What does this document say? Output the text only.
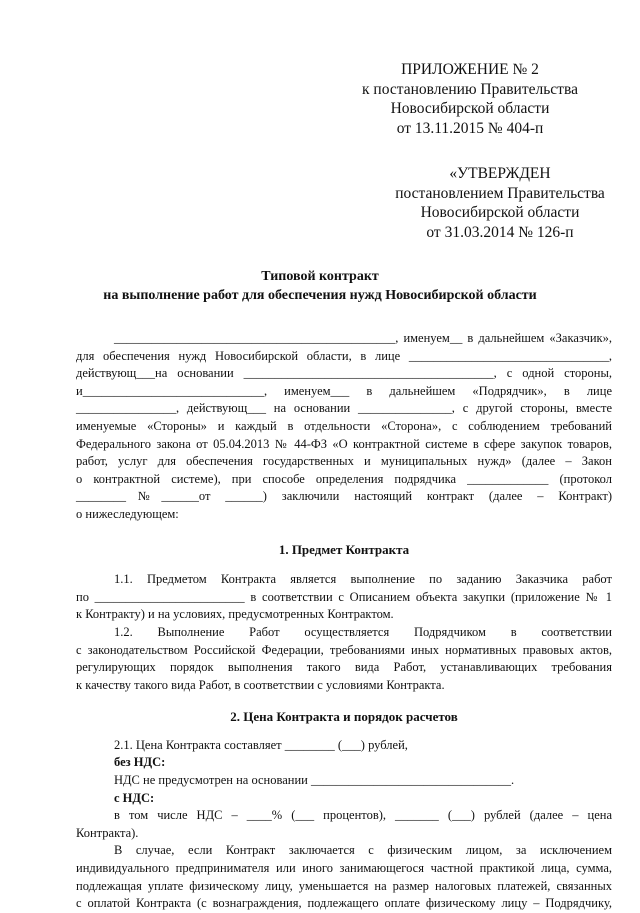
ПРИЛОЖЕНИЕ № 2
к постановлению Правительства
Новосибирской области
от 13.11.2015 № 404-п
«УТВЕРЖДЕН
постановлением Правительства
Новосибирской области
от 31.03.2014 № 126-п
Типовой контракт
на выполнение работ для обеспечения нужд Новосибирской области

_____________________________________________, именуем__ в дальнейшем «Заказчик»,

для обеспечения нужд Новосибирской области, в лице ________________________________,

действующ___на основании ________________________________________, с одной стороны,

и_____________________________, именуем___ в дальнейшем «Подрядчик», в лице

________________, действующ___ на основании _______________, с другой стороны, вместе

именуемые «Стороны» и каждый в отдельности «Сторона», с соблюдением требований

Федерального закона от 05.04.2013 № 44-ФЗ «О контрактной системе в сфере закупок товаров,

работ, услуг для обеспечения государственных и муниципальных нужд» (далее – Закон

о контрактной системе), при способе определения подрядчика _____________ (протокол

________№______от ______) заключили настоящий контракт (далее – Контракт)

о нижеследующем:

1. Предмет Контракта

1.1. Предметом Контракта является выполнение по заданию Заказчика работ

по ________________________ в соответствии с Описанием объекта закупки (приложение № 1

к Контракту) и на условиях, предусмотренных Контрактом.

1.2. Выполнение Работ осуществляется Подрядчиком в соответствии

с законодательством Российской Федерации, требованиями иных нормативных правовых актов,

регулирующих порядок выполнения такого вида Работ, устанавливающих требования

к качеству такого вида Работ, в соответствии с условиями Контракта.

2. Цена Контракта и порядок расчетов

2.1. Цена Контракта составляет ________ (___) рублей,

без НДС:

НДС не предусмотрен на основании ________________________________.

с НДС:

в том числе НДС – ____% (___ процентов), _______ (___) рублей (далее – цена

Контракта).

В случае, если Контракт заключается с физическим лицом, за исключением

индивидуального предпринимателя или иного занимающегося частной практикой лица, сумма,

подлежащая уплате физическому лицу, уменьшается на размер налоговых платежей, связанных

с оплатой Контракта (с вознаграждения, подлежащего оплате физическому лицу – Подрядчику,
